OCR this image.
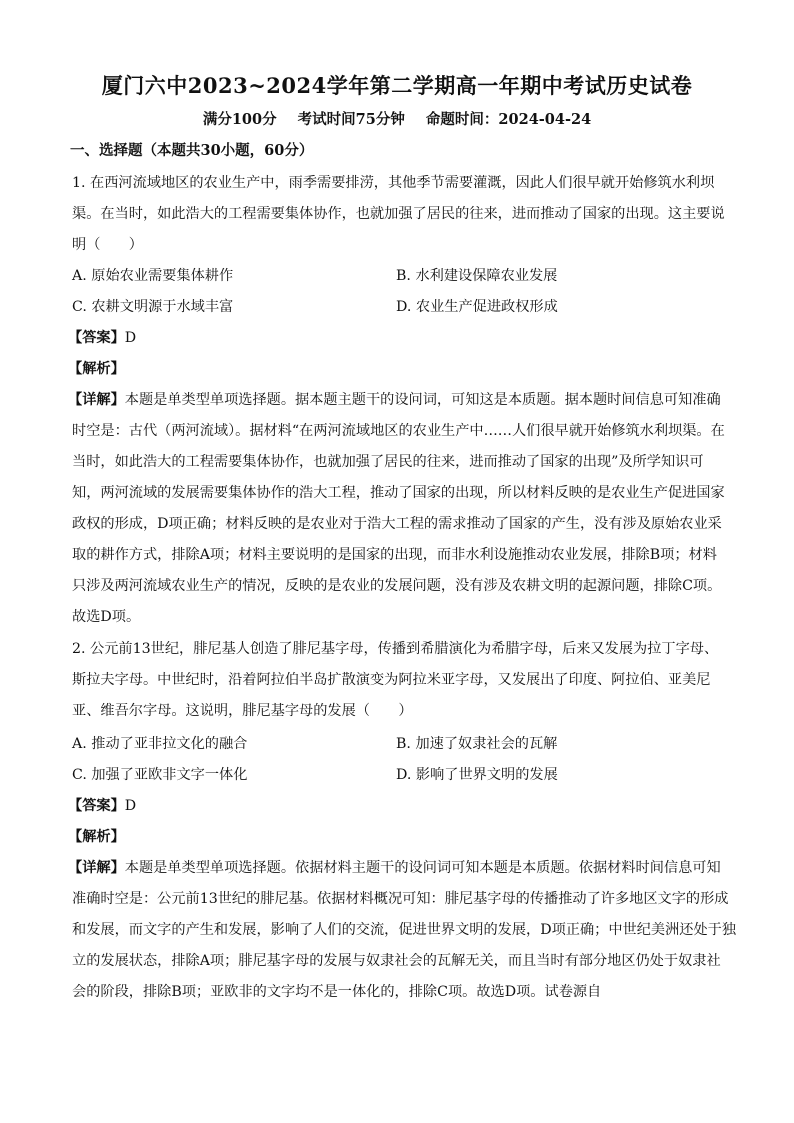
厦门六中2023~2024学年第二学期高一年期中考试历史试卷
满分100分 考试时间75分钟 命题时间：2024-04-24
一、选择题（本题共30小题，60分）
1. 在西河流域地区的农业生产中，雨季需要排涝，其他季节需要灌溉，因此人们很早就开始修筑水利坝
渠。在当时，如此浩大的工程需要集体协作，也就加强了居民的往来，进而推动了国家的出现。这主要说
明（　　）
A. 原始农业需要集体耕作	B. 水利建设保障农业发展
C. 农耕文明源于水域丰富	D. 农业生产促进政权形成
【答案】D
【解析】
【详解】本题是单类型单项选择题。据本题主题干的设问词，可知这是本质题。据本题时间信息可知准确
时空是：古代（两河流域）。据材料“在两河流域地区的农业生产中……人们很早就开始修筑水利坝渠。在
当时，如此浩大的工程需要集体协作，也就加强了居民的往来，进而推动了国家的出现”及所学知识可
知，两河流域的发展需要集体协作的浩大工程，推动了国家的出现，所以材料反映的是农业生产促进国家
政权的形成，D项正确；材料反映的是农业对于浩大工程的需求推动了国家的产生，没有涉及原始农业采
取的耕作方式，排除A项；材料主要说明的是国家的出现，而非水利设施推动农业发展，排除B项；材料
只涉及两河流域农业生产的情况，反映的是农业的发展问题，没有涉及农耕文明的起源问题，排除C项。
故选D项。
2. 公元前13世纪，腓尼基人创造了腓尼基字母，传播到希腊演化为希腊字母，后来又发展为拉丁字母、
斯拉夫字母。中世纪时，沿着阿拉伯半岛扩散演变为阿拉米亚字母，又发展出了印度、阿拉伯、亚美尼
亚、维吾尔字母。这说明，腓尼基字母的发展（　　）
A. 推动了亚非拉文化的融合	B. 加速了奴隶社会的瓦解
C. 加强了亚欧非文字一体化	D. 影响了世界文明的发展
【答案】D
【解析】
【详解】本题是单类型单项选择题。依据材料主题干的设问词可知本题是本质题。依据材料时间信息可知
准确时空是：公元前13世纪的腓尼基。依据材料概况可知：腓尼基字母的传播推动了许多地区文字的形成
和发展，而文字的产生和发展，影响了人们的交流，促进世界文明的发展，D项正确；中世纪美洲还处于独
立的发展状态，排除A项；腓尼基字母的发展与奴隶社会的瓦解无关，而且当时有部分地区仍处于奴隶社
会的阶段，排除B项；亚欧非的文字均不是一体化的，排除C项。故选D项。试卷源自
